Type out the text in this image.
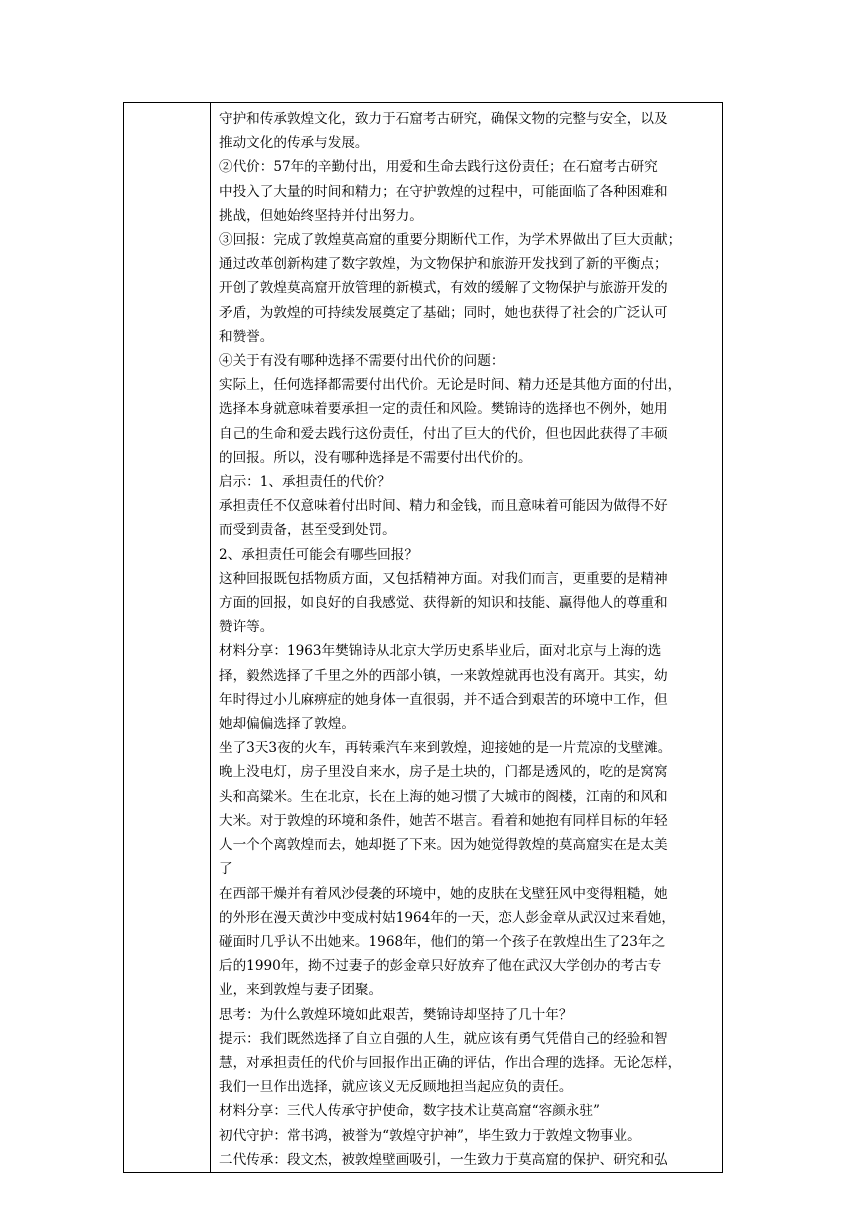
守护和传承敦煌文化，致力于石窟考古研究，确保文物的完整与安全，以及

推动文化的传承与发展。

②代价：57年的辛勤付出，用爱和生命去践行这份责任；在石窟考古研究

中投入了大量的时间和精力；在守护敦煌的过程中，可能面临了各种困难和

挑战，但她始终坚持并付出努力。

③回报：完成了敦煌莫高窟的重要分期断代工作，为学术界做出了巨大贡献；

通过改革创新构建了数字敦煌，为文物保护和旅游开发找到了新的平衡点；

开创了敦煌莫高窟开放管理的新模式，有效的缓解了文物保护与旅游开发的

矛盾，为敦煌的可持续发展奠定了基础；同时，她也获得了社会的广泛认可

和赞誉。

④关于有没有哪种选择不需要付出代价的问题：

实际上，任何选择都需要付出代价。无论是时间、精力还是其他方面的付出，

选择本身就意味着要承担一定的责任和风险。樊锦诗的选择也不例外，她用

自己的生命和爱去践行这份责任，付出了巨大的代价，但也因此获得了丰硕

的回报。所以，没有哪种选择是不需要付出代价的。

启示：1、承担责任的代价？

承担责任不仅意味着付出时间、精力和金钱，而且意味着可能因为做得不好

而受到责备，甚至受到处罚。

2、承担责任可能会有哪些回报？

这种回报既包括物质方面，又包括精神方面。对我们而言，更重要的是精神

方面的回报，如良好的自我感觉、获得新的知识和技能、赢得他人的尊重和

赞许等。

材料分享：1963年樊锦诗从北京大学历史系毕业后，面对北京与上海的选

择，毅然选择了千里之外的西部小镇，一来敦煌就再也没有离开。其实，幼

年时得过小儿麻痹症的她身体一直很弱，并不适合到艰苦的环境中工作，但

她却偏偏选择了敦煌。

坐了3天3夜的火车，再转乘汽车来到敦煌，迎接她的是一片荒凉的戈壁滩。

晚上没电灯，房子里没自来水，房子是土块的，门都是透风的，吃的是窝窝

头和高粱米。生在北京，长在上海的她习惯了大城市的阁楼，江南的和风和

大米。对于敦煌的环境和条件，她苦不堪言。看着和她抱有同样目标的年轻

人一个个离敦煌而去，她却挺了下来。因为她觉得敦煌的莫高窟实在是太美

了

在西部干燥并有着风沙侵袭的环境中，她的皮肤在戈壁狂风中变得粗糙，她

的外形在漫天黄沙中变成村姑1964年的一天，恋人彭金章从武汉过来看她，

碰面时几乎认不出她来。1968年，他们的第一个孩子在敦煌出生了23年之

后的1990年，拗不过妻子的彭金章只好放弃了他在武汉大学创办的考古专

业，来到敦煌与妻子团聚。

思考：为什么敦煌环境如此艰苦，樊锦诗却坚持了几十年？

提示：我们既然选择了自立自强的人生，就应该有勇气凭借自己的经验和智

慧，对承担责任的代价与回报作出正确的评估，作出合理的选择。无论怎样，

我们一旦作出选择，就应该义无反顾地担当起应负的责任。

材料分享：三代人传承守护使命，数字技术让莫高窟“容颜永驻”

初代守护：常书鸿，被誉为“敦煌守护神”，毕生致力于敦煌文物事业。

二代传承：段文杰，被敦煌壁画吸引，一生致力于莫高窟的保护、研究和弘
